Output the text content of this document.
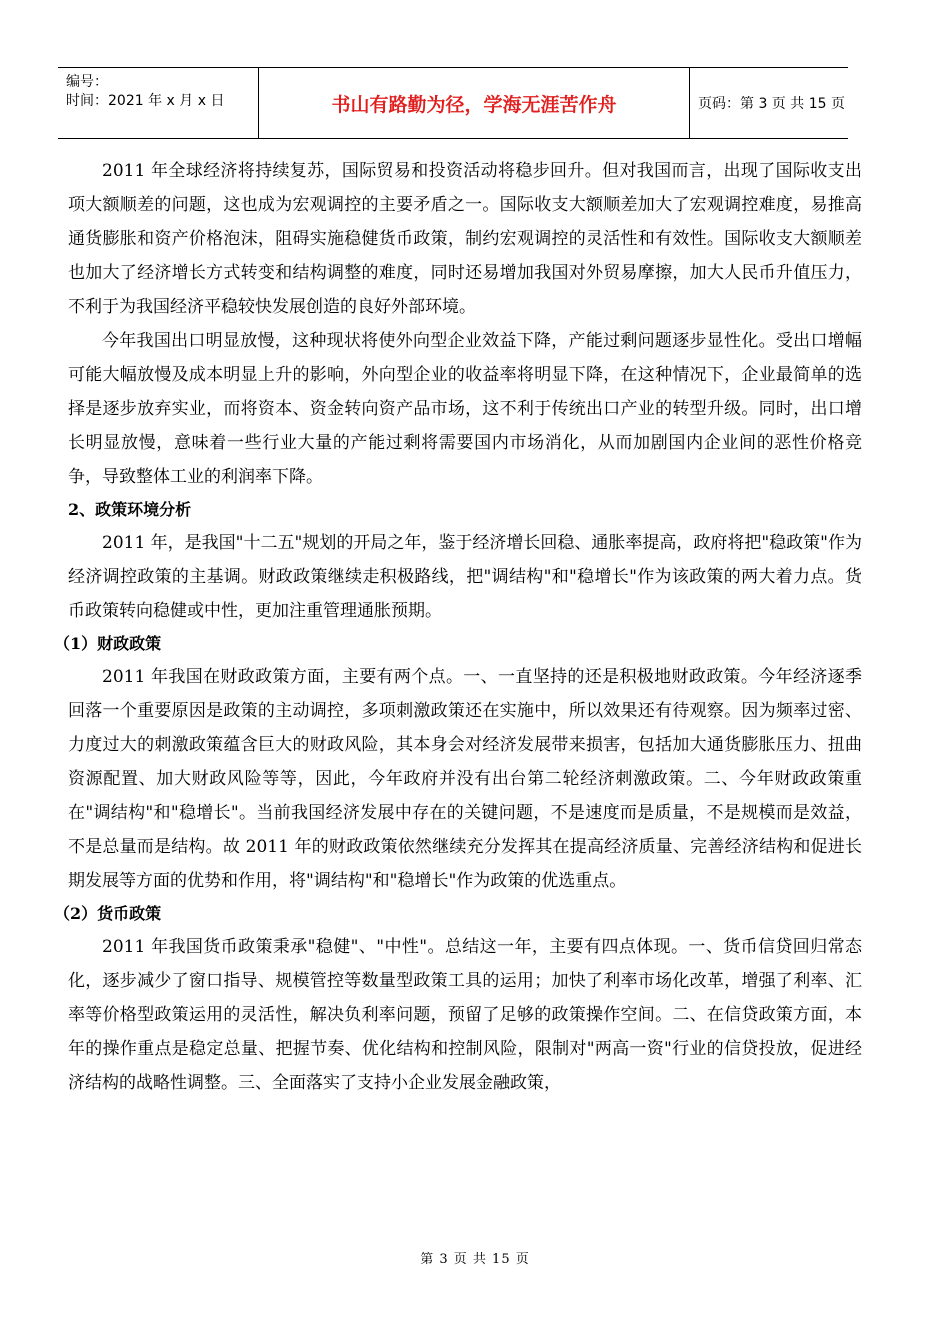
编号：
时间：2021 年 x 月 x 日	书山有路勤为径，学海无涯苦作舟	页码：第 3 页 共 15 页

2011 年全球经济将持续复苏，国际贸易和投资活动将稳步回升。但对我国而言，出现了国际收支出项大额顺差的问题，这也成为宏观调控的主要矛盾之一。国际收支大额顺差加大了宏观调控难度，易推高通货膨胀和资产价格泡沫，阻碍实施稳健货币政策，制约宏观调控的灵活性和有效性。国际收支大额顺差也加大了经济增长方式转变和结构调整的难度，同时还易增加我国对外贸易摩擦，加大人民币升值压力，不利于为我国经济平稳较快发展创造的良好外部环境。

今年我国出口明显放慢，这种现状将使外向型企业效益下降，产能过剩问题逐步显性化。受出口增幅可能大幅放慢及成本明显上升的影响，外向型企业的收益率将明显下降，在这种情况下，企业最简单的选择是逐步放弃实业，而将资本、资金转向资产品市场，这不利于传统出口产业的转型升级。同时，出口增长明显放慢，意味着一些行业大量的产能过剩将需要国内市场消化，从而加剧国内企业间的恶性价格竞争，导致整体工业的利润率下降。

2、政策环境分析

2011 年，是我国"十二五"规划的开局之年，鉴于经济增长回稳、通胀率提高，政府将把"稳政策"作为经济调控政策的主基调。财政政策继续走积极路线，把"调结构"和"稳增长"作为该政策的两大着力点。货币政策转向稳健或中性，更加注重管理通胀预期。

（1）财政政策

2011 年我国在财政政策方面，主要有两个点。一、一直坚持的还是积极地财政政策。今年经济逐季回落一个重要原因是政策的主动调控，多项刺激政策还在实施中，所以效果还有待观察。因为频率过密、力度过大的刺激政策蕴含巨大的财政风险，其本身会对经济发展带来损害，包括加大通货膨胀压力、扭曲资源配置、加大财政风险等等，因此，今年政府并没有出台第二轮经济刺激政策。二、今年财政政策重在"调结构"和"稳增长"。当前我国经济发展中存在的关键问题，不是速度而是质量，不是规模而是效益，不是总量而是结构。故 2011 年的财政政策依然继续充分发挥其在提高经济质量、完善经济结构和促进长期发展等方面的优势和作用，将"调结构"和"稳增长"作为政策的优选重点。

（2）货币政策

2011 年我国货币政策秉承"稳健"、"中性"。总结这一年，主要有四点体现。一、货币信贷回归常态化，逐步减少了窗口指导、规模管控等数量型政策工具的运用；加快了利率市场化改革，增强了利率、汇率等价格型政策运用的灵活性，解决负利率问题，预留了足够的政策操作空间。二、在信贷政策方面，本年的操作重点是稳定总量、把握节奏、优化结构和控制风险，限制对"两高一资"行业的信贷投放，促进经济结构的战略性调整。三、全面落实了支持小企业发展金融政策，

第 3 页 共 15 页
